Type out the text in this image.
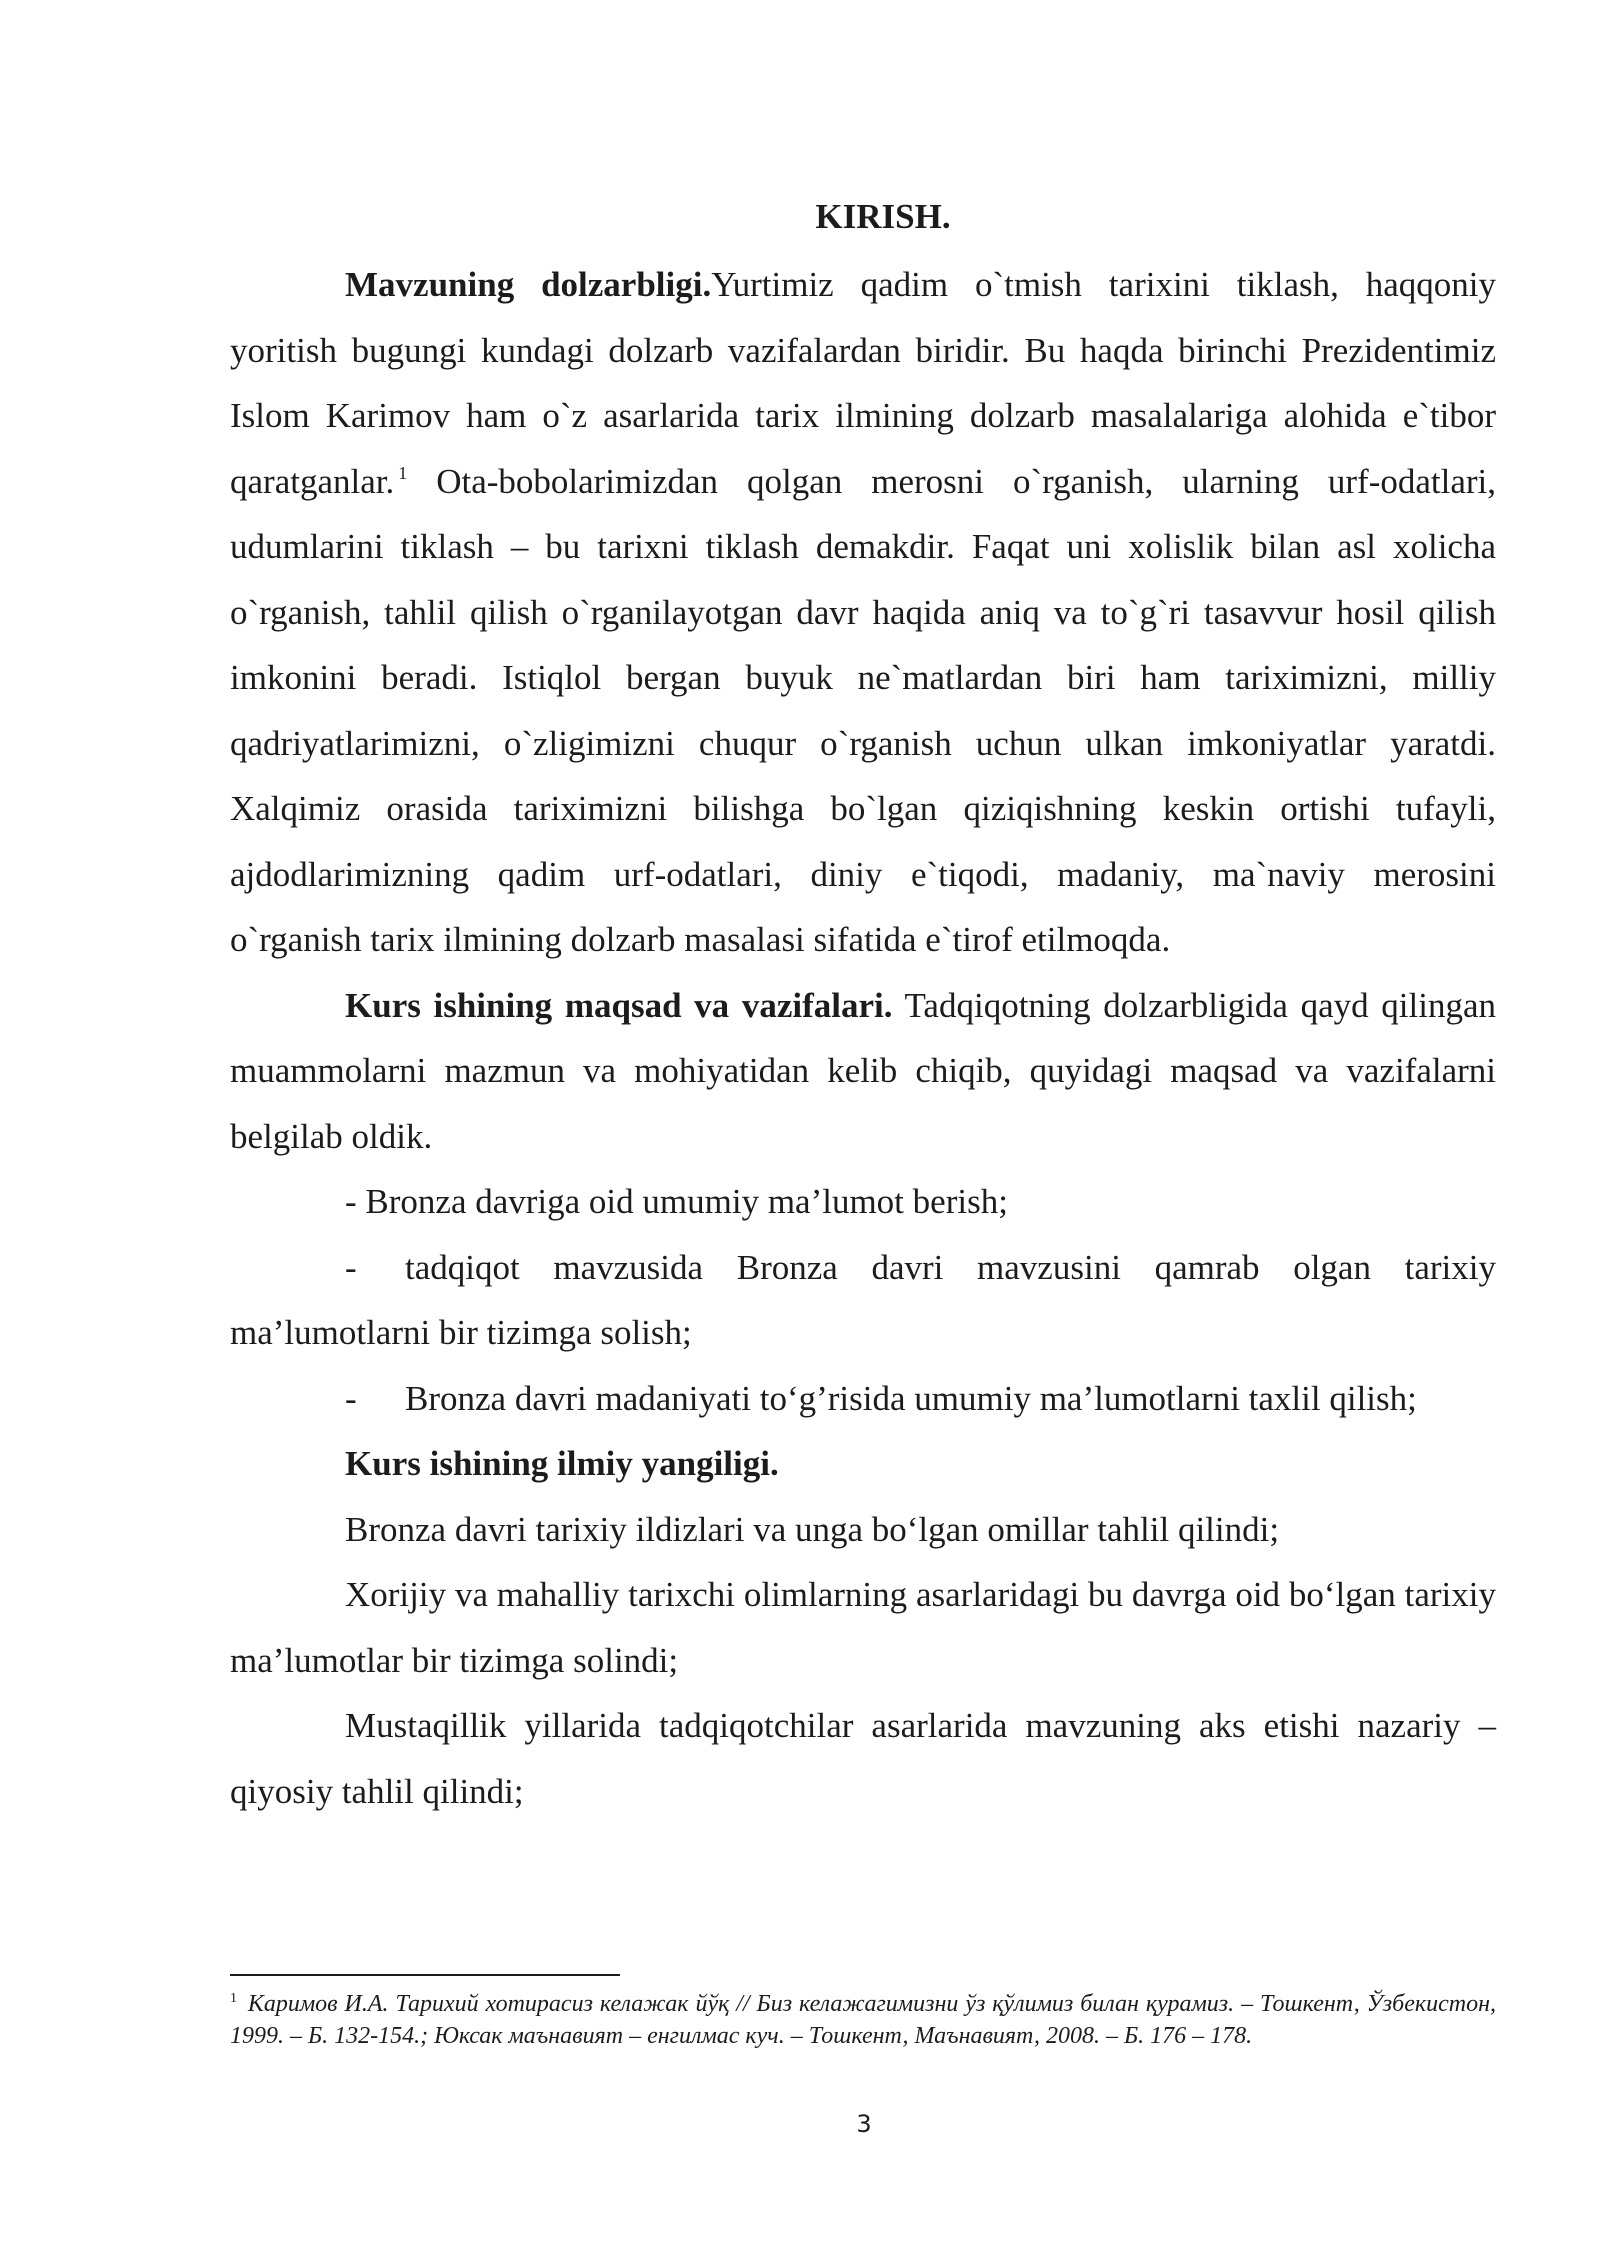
KIRISH.

Mavzuning dolzarbligi.Yurtimiz qadim o`tmish tarixini tiklash, haqqoniy yoritish bugungi kundagi dolzarb vazifalardan biridir. Bu haqda birinchi Prezidentimiz Islom Karimov ham o`z asarlarida tarix ilmining dolzarb masalalariga alohida e`tibor qaratganlar. $^1$ Ota-bobolarimizdan qolgan merosni o`rganish, ularning urf-odatlari, udumlarini tiklash – bu tarixni tiklash demakdir. Faqat uni xolislik bilan asl xolicha o`rganish, tahlil qilish o`rganilayotgan davr haqida aniq va to`g`ri tasavvur hosil qilish imkonini beradi. Istiqlol bergan buyuk ne`matlardan biri ham tariximizni, milliy qadriyatlarimizni, o`zligimizni chuqur o`rganish uchun ulkan imkoniyatlar yaratdi. Xalqimiz orasida tariximizni bilishga bo`lgan qiziqishning keskin ortishi tufayli, ajdodlarimizning qadim urf-odatlari, diniy e`tiqodi, madaniy, ma`naviy merosini o`rganish tarix ilmining dolzarb masalasi sifatida e`tirof etilmoqda.

Kurs ishining maqsad va vazifalari. Tadqiqotning dolzarbligida qayd qilingan muammolarni mazmun va mohiyatidan kelib chiqib, quyidagi maqsad va vazifalarni belgilab oldik.

- Bronza davriga oid umumiy ma’lumot berish;

- tadqiqot mavzusida Bronza davri mavzusini qamrab olgan tarixiy ma’lumotlarni bir tizimga solish;

- Bronza davri madaniyati to‘g’risida umumiy ma’lumotlarni taxlil qilish;

Kurs ishining ilmiy yangiligi.

Bronza davri tarixiy ildizlari va unga bo‘lgan omillar tahlil qilindi;

Xorijiy va mahalliy tarixchi olimlarning asarlaridagi bu davrga oid bo‘lgan tarixiy ma’lumotlar bir tizimga solindi;

Mustaqillik yillarida tadqiqotchilar asarlarida mavzuning aks etishi nazariy – qiyosiy tahlil qilindi;

$^1$ Каримов И.А. Тарихий хотирасиз келажак йўқ // Биз келажагимизни ўз қўлимиз билан қурамиз. – Тошкент, Ўзбекистон, 1999. – Б. 132-154.; Юксак маънавият – енгилмас куч. – Тошкент, Маънавият, 2008. – Б. 176 – 178.
3
